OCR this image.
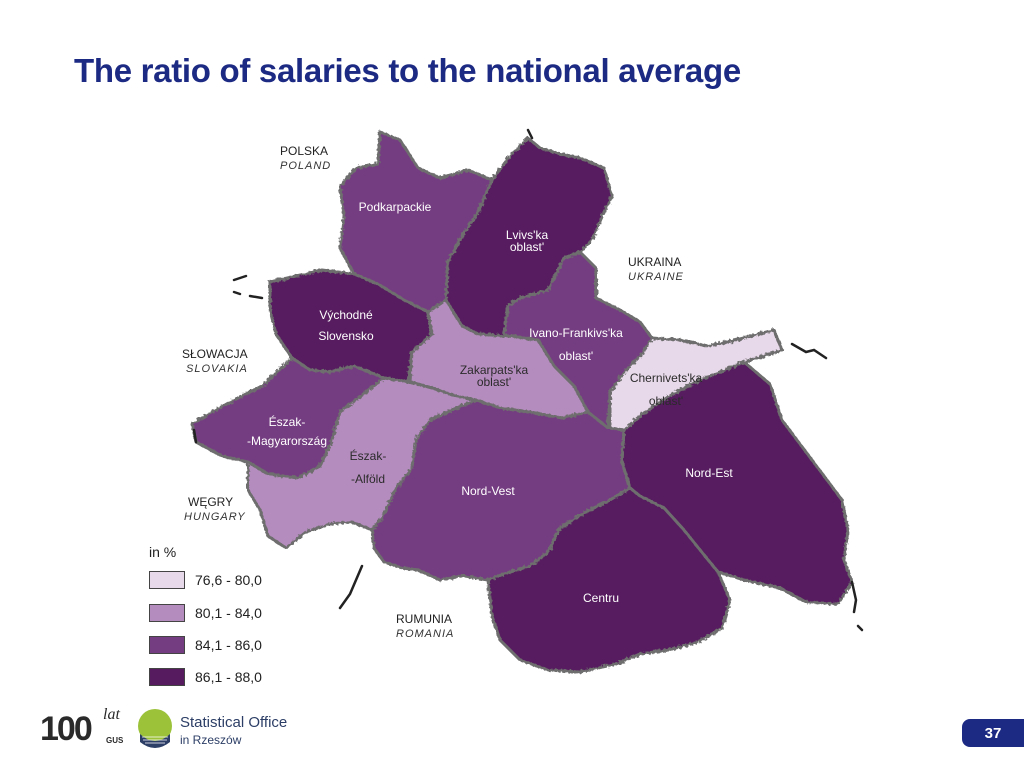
The ratio of salaries to the national average
POLSKA
POLAND
UKRAINA
UKRAINE
SŁOWACJA
SLOVAKIA
WĘGRY
HUNGARY
RUMUNIA
ROMANIA
Podkarpackie
Lvivs'ka
oblast'
Ivano-Frankivs'ka
oblast'
Východné
Slovensko
Zakarpats'ka
oblast'	Chernivets'ka
oblast'
Észak-
-Magyarország
Észak-
-Alföld
Nord-Vest
Nord-Est
Centru
in %
76,6 - 80,0
80,1 - 84,0
84,1 - 86,0
86,1 - 88,0
100 lat
GUS
Statistical Office
in Rzeszów	37
